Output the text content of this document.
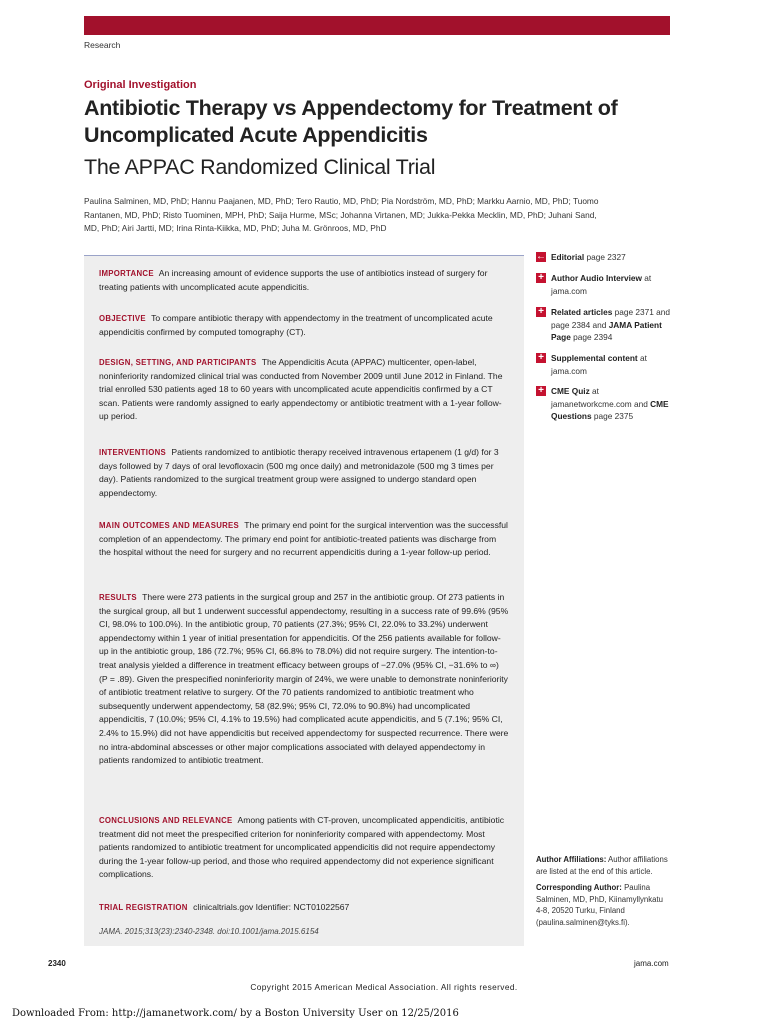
Research
Original Investigation
Antibiotic Therapy vs Appendectomy for Treatment of Uncomplicated Acute Appendicitis
The APPAC Randomized Clinical Trial
Paulina Salminen, MD, PhD; Hannu Paajanen, MD, PhD; Tero Rautio, MD, PhD; Pia Nordström, MD, PhD; Markku Aarnio, MD, PhD; Tuomo Rantanen, MD, PhD; Risto Tuominen, MPH, PhD; Saija Hurme, MSc; Johanna Virtanen, MD; Jukka-Pekka Mecklin, MD, PhD; Juhani Sand, MD, PhD; Airi Jartti, MD; Irina Rinta-Kiikka, MD, PhD; Juha M. Grönroos, MD, PhD
IMPORTANCE An increasing amount of evidence supports the use of antibiotics instead of surgery for treating patients with uncomplicated acute appendicitis.
OBJECTIVE To compare antibiotic therapy with appendectomy in the treatment of uncomplicated acute appendicitis confirmed by computed tomography (CT).
DESIGN, SETTING, AND PARTICIPANTS The Appendicitis Acuta (APPAC) multicenter, open-label, noninferiority randomized clinical trial was conducted from November 2009 until June 2012 in Finland. The trial enrolled 530 patients aged 18 to 60 years with uncomplicated acute appendicitis confirmed by a CT scan. Patients were randomly assigned to early appendectomy or antibiotic treatment with a 1-year follow-up period.
INTERVENTIONS Patients randomized to antibiotic therapy received intravenous ertapenem (1 g/d) for 3 days followed by 7 days of oral levofloxacin (500 mg once daily) and metronidazole (500 mg 3 times per day). Patients randomized to the surgical treatment group were assigned to undergo standard open appendectomy.
MAIN OUTCOMES AND MEASURES The primary end point for the surgical intervention was the successful completion of an appendectomy. The primary end point for antibiotic-treated patients was discharge from the hospital without the need for surgery and no recurrent appendicitis during a 1-year follow-up period.
RESULTS There were 273 patients in the surgical group and 257 in the antibiotic group. Of 273 patients in the surgical group, all but 1 underwent successful appendectomy, resulting in a success rate of 99.6% (95% CI, 98.0% to 100.0%). In the antibiotic group, 70 patients (27.3%; 95% CI, 22.0% to 33.2%) underwent appendectomy within 1 year of initial presentation for appendicitis. Of the 256 patients available for follow-up in the antibiotic group, 186 (72.7%; 95% CI, 66.8% to 78.0%) did not require surgery. The intention-to-treat analysis yielded a difference in treatment efficacy between groups of −27.0% (95% CI, −31.6% to ∞) (P = .89). Given the prespecified noninferiority margin of 24%, we were unable to demonstrate noninferiority of antibiotic treatment relative to surgery. Of the 70 patients randomized to antibiotic treatment who subsequently underwent appendectomy, 58 (82.9%; 95% CI, 72.0% to 90.8%) had uncomplicated appendicitis, 7 (10.0%; 95% CI, 4.1% to 19.5%) had complicated acute appendicitis, and 5 (7.1%; 95% CI, 2.4% to 15.9%) did not have appendicitis but received appendectomy for suspected recurrence. There were no intra-abdominal abscesses or other major complications associated with delayed appendectomy in patients randomized to antibiotic treatment.
CONCLUSIONS AND RELEVANCE Among patients with CT-proven, uncomplicated appendicitis, antibiotic treatment did not meet the prespecified criterion for noninferiority compared with appendectomy. Most patients randomized to antibiotic treatment for uncomplicated appendicitis did not require appendectomy during the 1-year follow-up period, and those who required appendectomy did not experience significant complications.
TRIAL REGISTRATION clinicaltrials.gov Identifier: NCT01022567
JAMA. 2015;313(23):2340-2348. doi:10.1001/jama.2015.6154
← Editorial page 2327
+ Author Audio Interview at jama.com
+ Related articles page 2371 and page 2384 and JAMA Patient Page page 2394
+ Supplemental content at jama.com
+ CME Quiz at jamanetworkcme.com and CME Questions page 2375

Author Affiliations: Author affiliations are listed at the end of this article.

Corresponding Author: Paulina Salminen, MD, PhD, Kiinamyllynkatu 4-8, 20520 Turku, Finland (paulina.salminen@tyks.fi).

2340	jama.com
Copyright 2015 American Medical Association. All rights reserved.
Downloaded From: http://jamanetwork.com/ by a Boston University User on 12/25/2016
